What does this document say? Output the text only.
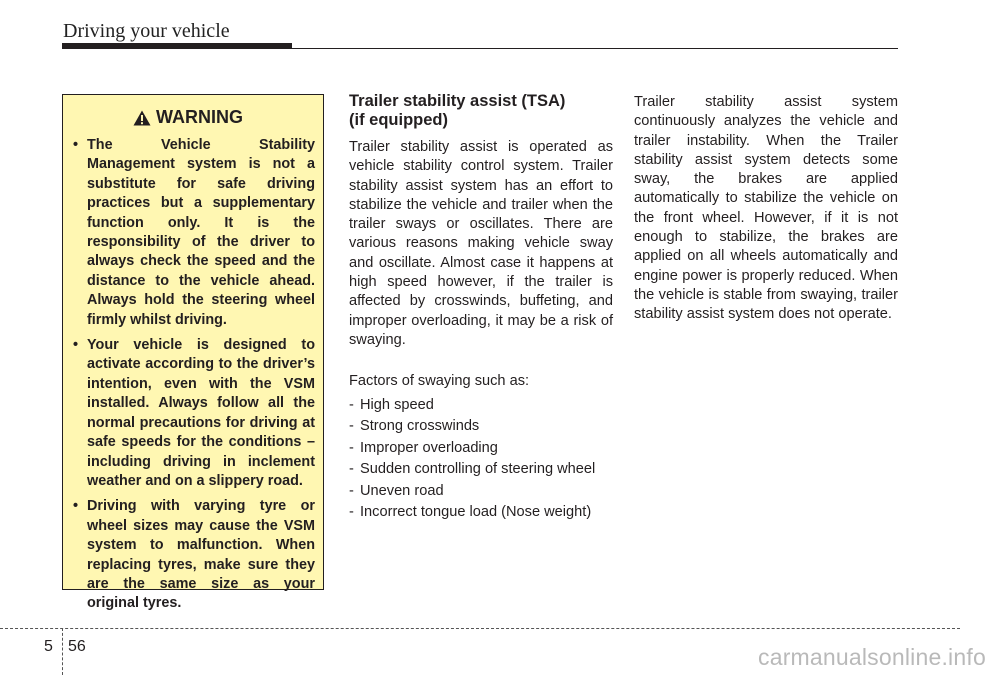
Driving your vehicle
WARNING
• The Vehicle Stability Management system is not a substitute for safe driving practices but a supplementary function only. It is the responsibility of the driver to always check the speed and the distance to the vehicle ahead. Always hold the steering wheel firmly whilst driving.
• Your vehicle is designed to activate according to the driver’s intention, even with the VSM installed. Always follow all the normal precautions for driving at safe speeds for the conditions – including driving in inclement weather and on a slippery road.
• Driving with varying tyre or wheel sizes may cause the VSM system to malfunction. When replacing tyres, make sure they are the same size as your original tyres.
Trailer stability assist (TSA)
(if equipped)

Trailer stability assist is operated as vehicle stability control system. Trailer stability assist system has an effort to stabilize the vehicle and trailer when the trailer sways or oscillates. There are various reasons making vehicle sway and oscillate. Almost case it happens at high speed however, if the trailer is affected by crosswinds, buffeting, and improper overloading, it may be a risk of swaying.

Factors of swaying such as:

- High speed
- Strong crosswinds
- Improper overloading
- Sudden controlling of steering wheel
- Uneven road
- Incorrect tongue load (Nose weight)

Trailer stability assist system continuously analyzes the vehicle and trailer instability. When the Trailer stability assist system detects some sway, the brakes are applied automatically to stabilize the vehicle on the front wheel. However, if it is not enough to stabilize, the brakes are applied on all wheels automatically and engine power is properly reduced. When the vehicle is stable from swaying, trailer stability assist system does not operate.

5 56	carmanualsonline.info
